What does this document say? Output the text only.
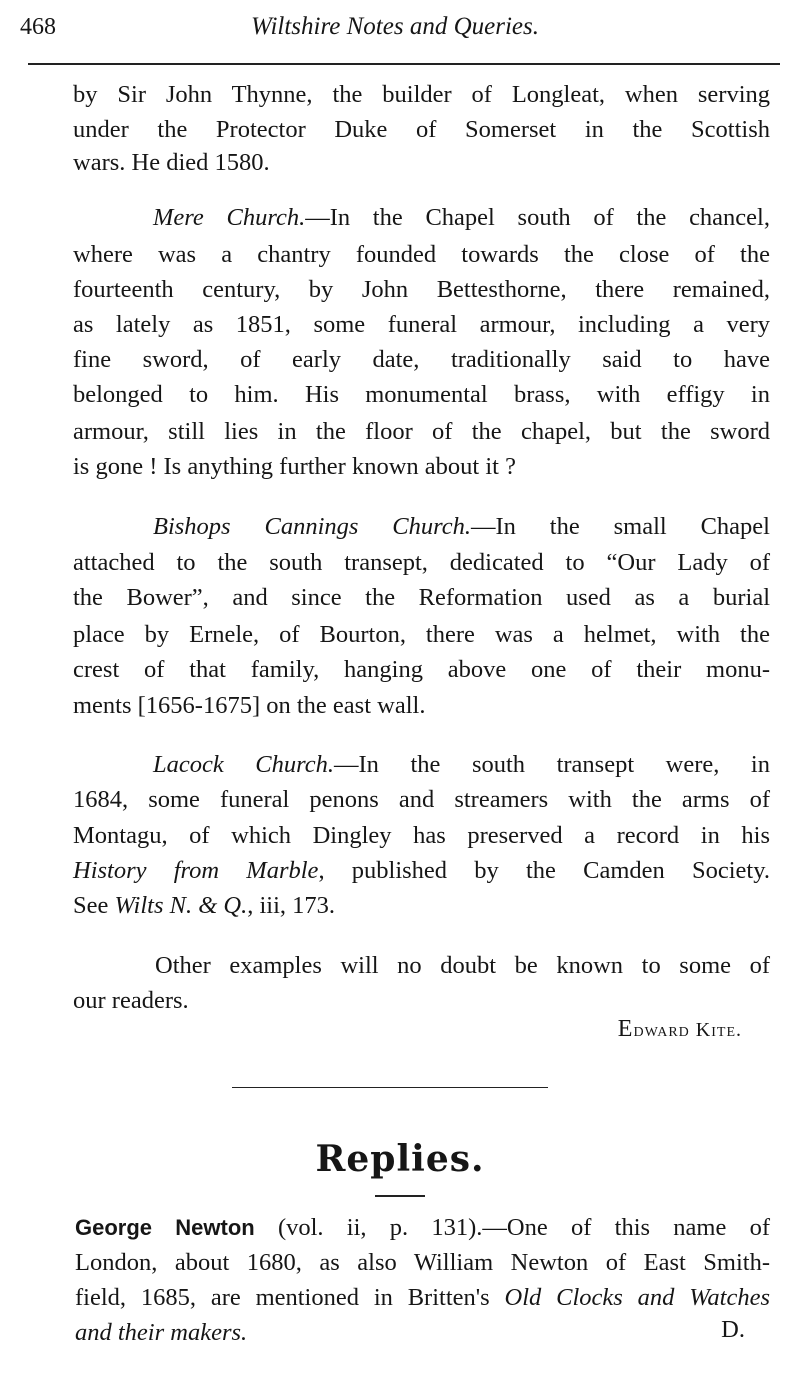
468	Wiltshire Notes and Queries.
by Sir John Thynne, the builder of Longleat, when serving
under the Protector Duke of Somerset in the Scottish
wars. He died 1580.
Mere Church.—In the Chapel south of the chancel,
where was a chantry founded towards the close of the
fourteenth century, by John Bettesthorne, there remained,
as lately as 1851, some funeral armour, including a very
fine sword, of early date, traditionally said to have
belonged to him. His monumental brass, with effigy in
armour, still lies in the floor of the chapel, but the sword
is gone ! Is anything further known about it ?
Bishops Cannings Church.—In the small Chapel
attached to the south transept, dedicated to “Our Lady of
the Bower”, and since the Reformation used as a burial
place by Ernele, of Bourton, there was a helmet, with the
crest of that family, hanging above one of their monu-
ments [1656-1675] on the east wall.
Lacock Church.—In the south transept were, in
1684, some funeral penons and streamers with the arms of
Montagu, of which Dingley has preserved a record in his
History from Marble, published by the Camden Society.
See Wilts N. & Q., iii, 173.
Other examples will no doubt be known to some of
our readers.
Edward Kite.
Replies.
George Newton (vol. ii, p. 131).—One of this name of
London, about 1680, as also William Newton of East Smith-
field, 1685, are mentioned in Britten's Old Clocks and Watches
and their makers.	D.
